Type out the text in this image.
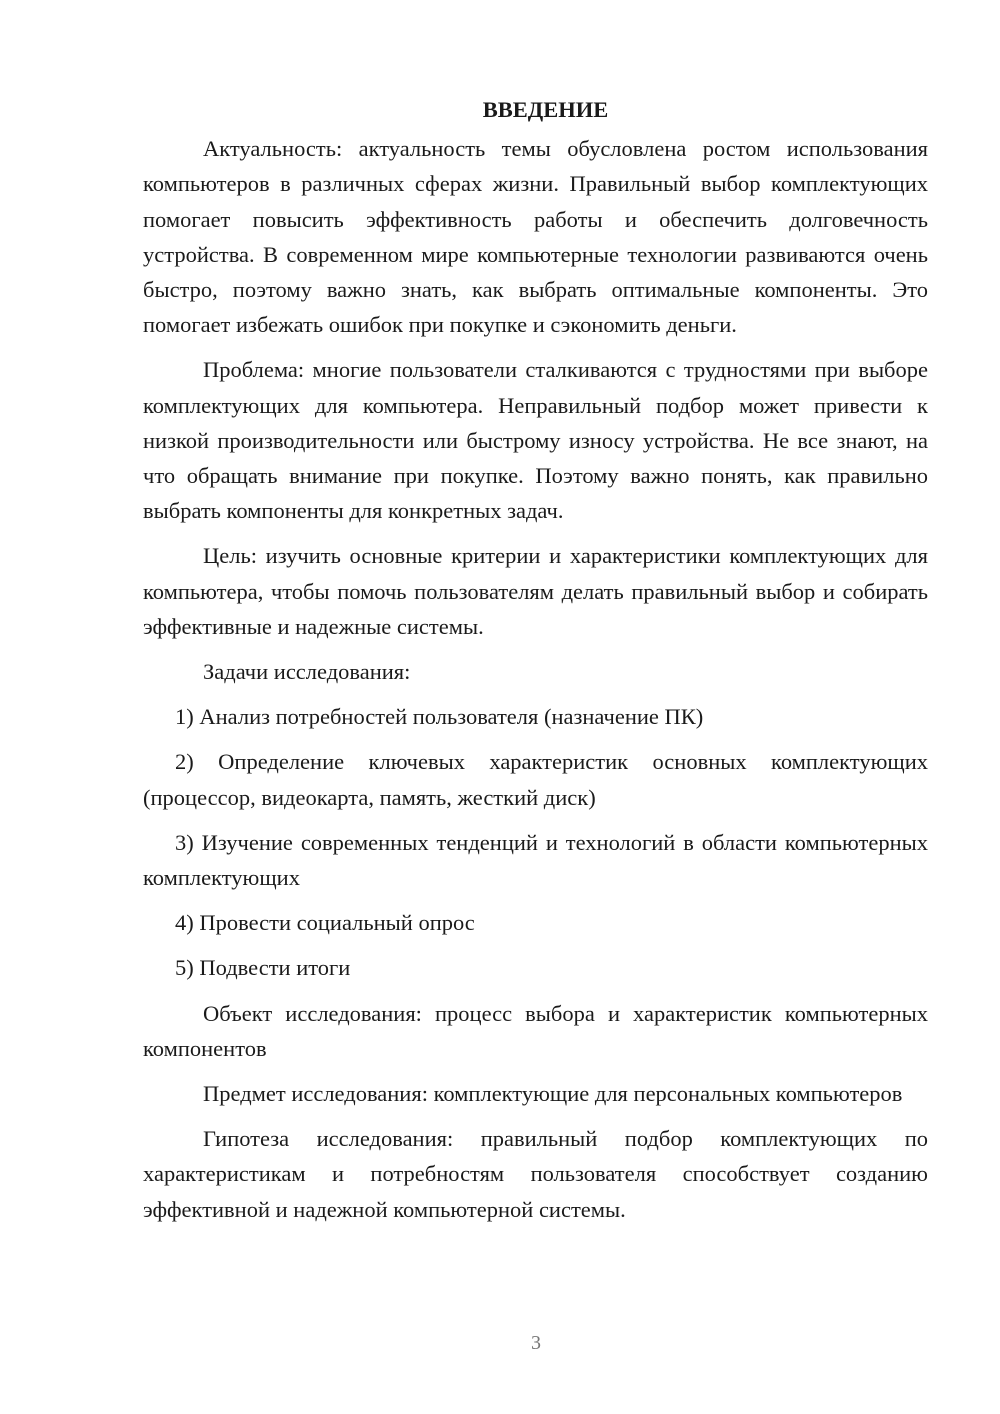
ВВЕДЕНИЕ

Актуальность: актуальность темы обусловлена ростом использования компьютеров в различных сферах жизни. Правильный выбор комплектующих помогает повысить эффективность работы и обеспечить долговечность устройства. В современном мире компьютерные технологии развиваются очень быстро, поэтому важно знать, как выбрать оптимальные компоненты. Это помогает избежать ошибок при покупке и сэкономить деньги.

Проблема: многие пользователи сталкиваются с трудностями при выборе комплектующих для компьютера. Неправильный подбор может привести к низкой производительности или быстрому износу устройства. Не все знают, на что обращать внимание при покупке. Поэтому важно понять, как правильно выбрать компоненты для конкретных задач.

Цель: изучить основные критерии и характеристики комплектующих для компьютера, чтобы помочь пользователям делать правильный выбор и собирать эффективные и надежные системы.

Задачи исследования:

1) Анализ потребностей пользователя (назначение ПК)

2) Определение ключевых характеристик основных комплектующих (процессор, видеокарта, память, жесткий диск)

3) Изучение современных тенденций и технологий в области компьютерных комплектующих

4) Провести социальный опрос

5) Подвести итоги

Объект исследования: процесс выбора и характеристик компьютерных компонентов

Предмет исследования: комплектующие для персональных компьютеров

Гипотеза исследования: правильный подбор комплектующих по характеристикам и потребностям пользователя способствует созданию эффективной и надежной компьютерной системы.

3
